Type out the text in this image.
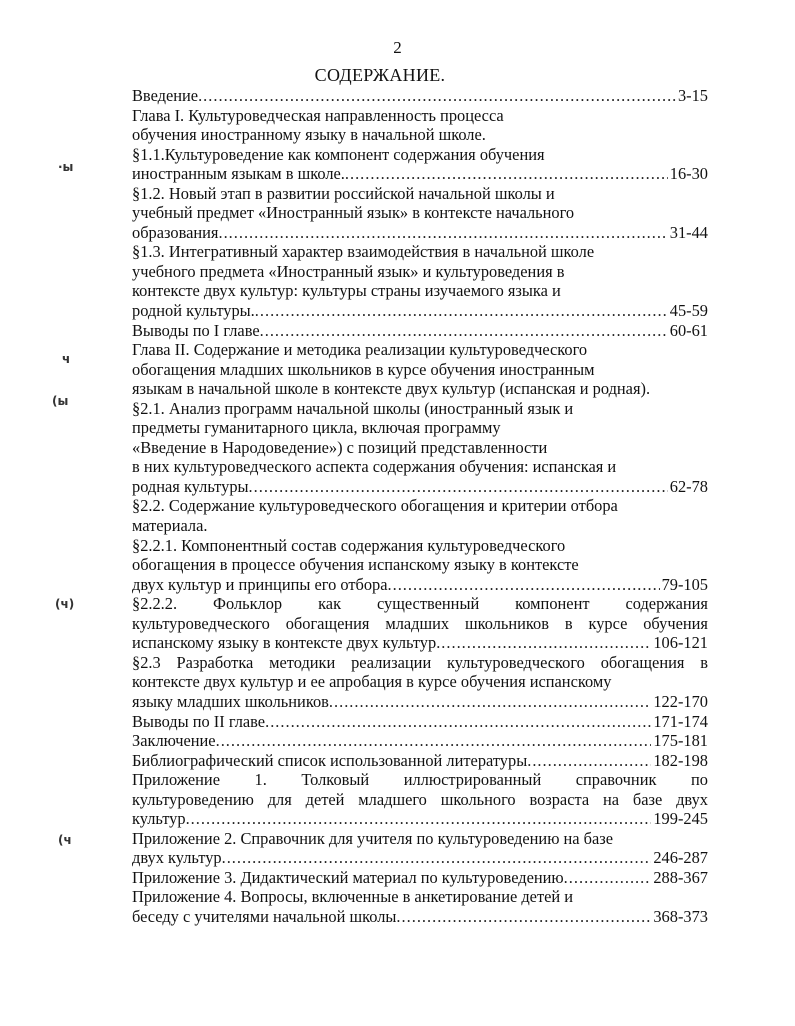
2
СОДЕРЖАНИЕ.
·ы
ч
(ы
(ч)
(ч
Введение .....	3-15
Глава I. Культуроведческая направленность процесса
обучения иностранному языку в начальной школе.
§1.1.Культуроведение как компонент содержания обучения
иностранным языкам в школе. .....	16-30
§1.2. Новый этап в развитии российской начальной школы и
учебный предмет «Иностранный язык» в контексте начального
образования .....	31-44
§1.3. Интегративный характер взаимодействия в начальной школе
учебного предмета «Иностранный язык» и культуроведения в
контексте двух культур: культуры страны изучаемого языка и
родной культуры. .....	45-59
Выводы по I главе .....	60-61
Глава II. Содержание и методика реализации культуроведческого
обогащения младших школьников в курсе обучения иностранным
языкам в начальной школе в контексте двух культур (испанская и родная).
§2.1. Анализ программ начальной школы (иностранный язык и
предметы гуманитарного цикла, включая программу
«Введение в Народоведение») с позиций представленности
в них культуроведческого аспекта содержания обучения: испанская и
родная культуры .....	62-78
§2.2. Содержание культуроведческого обогащения и критерии отбора
материала.
§2.2.1. Компонентный состав содержания культуроведческого
обогащения в процессе обучения испанскому языку в контексте
двух культур и принципы его отбора .....	79-105
§2.2.2. Фольклор как существенный компонент содержания
культуроведческого обогащения младших школьников в курсе обучения
испанскому языку в контексте двух культур .....	106-121
§2.3 Разработка методики реализации культуроведческого обогащения в
контексте двух культур и ее апробация в курсе обучения испанскому
языку младших школьников .....	122-170
Выводы по II главе .....	171-174
Заключение .....	175-181
Библиографический список использованной литературы .....	182-198
Приложение 1. Толковый иллюстрированный справочник по
культуроведению для детей младшего школьного возраста на базе двух
культур .....	199-245
Приложение 2. Справочник для учителя по культуроведению на базе
двух культур .....	246-287
Приложение 3. Дидактический материал по культуроведению .....	288-367
Приложение 4. Вопросы, включенные в анкетирование детей и
беседу с учителями начальной школы .....	368-373
